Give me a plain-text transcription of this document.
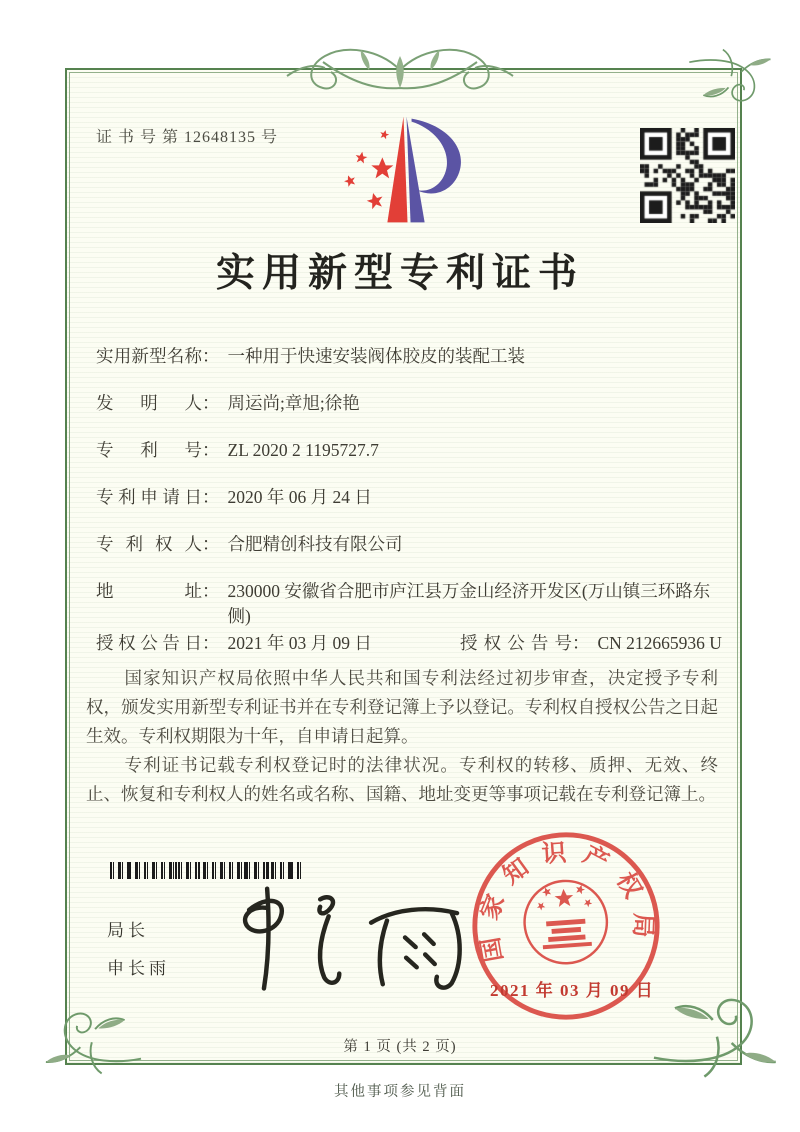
证 书 号 第 12648135 号
实用新型专利证书
实用新型名称： 一种用于快速安装阀体胶皮的装配工装
发明人： 周运尚;章旭;徐艳
专利号： ZL 2020 2 1195727.7
专利申请日： 2020 年 06 月 24 日
专利权人： 合肥精创科技有限公司
地址： 230000 安徽省合肥市庐江县万金山经济开发区(万山镇三环路东侧)
授权公告日： 2021 年 03 月 09 日	授权公告号： CN 212665936 U

国家知识产权局依照中华人民共和国专利法经过初步审查，决定授予专利权，颁发实用新型专利证书并在专利登记簿上予以登记。专利权自授权公告之日起生效。专利权期限为十年，自申请日起算。

专利证书记载专利权登记时的法律状况。专利权的转移、质押、无效、终止、恢复和专利权人的姓名或名称、国籍、地址变更等事项记载在专利登记簿上。

局长
申长雨
国家知识产权局
2021 年 03 月 09 日
第 1 页 (共 2 页)
其他事项参见背面
